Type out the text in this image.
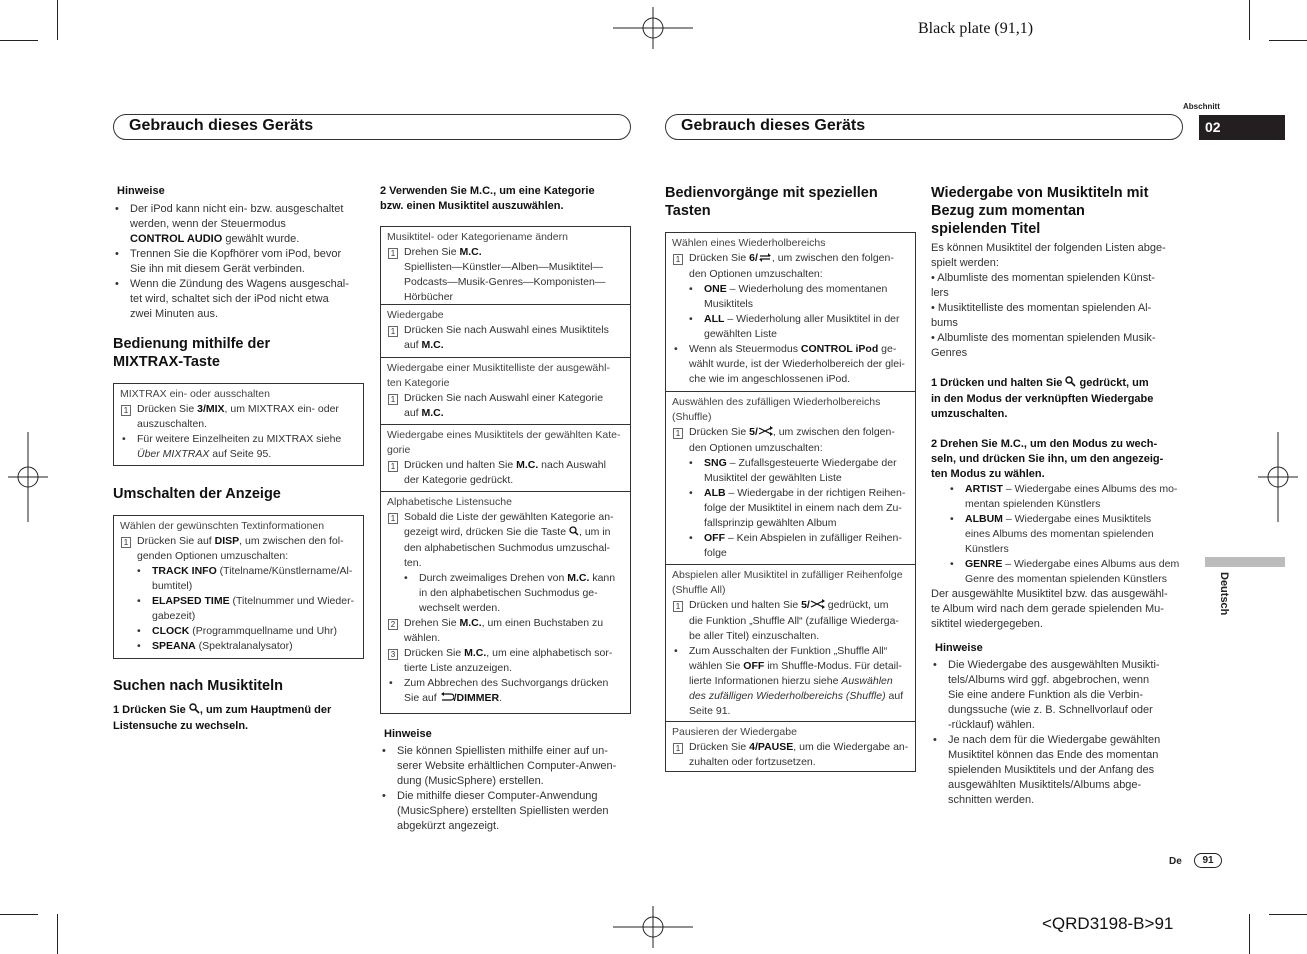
Black plate (91,1)
<QRD3198-B>91
Gebrauch dieses Geräts	Gebrauch dieses Geräts
Abschnitt
02
Deutsch
De	91
Hinweise

• Der iPod kann nicht ein- bzw. ausgeschaltet
werden, wenn der Steuermodus
CONTROL AUDIO gewählt wurde.

• Trennen Sie die Kopfhörer vom iPod, bevor
Sie ihn mit diesem Gerät verbinden.

• Wenn die Zündung des Wagens ausgeschal-
tet wird, schaltet sich der iPod nicht etwa
zwei Minuten aus.

Bedienung mithilfe der
MIXTRAX-Taste
MIXTRAX ein- oder ausschalten

1 Drücken Sie 3/MIX, um MIXTRAX ein- oder
auszuschalten.

• Für weitere Einzelheiten zu MIXTRAX siehe
Über MIXTRAX auf Seite 95.

Umschalten der Anzeige
Wählen der gewünschten Textinformationen

1 Drücken Sie auf DISP, um zwischen den fol-
genden Optionen umzuschalten:

• TRACK INFO (Titelname/Künstlername/Al-
bumtitel)

• ELAPSED TIME (Titelnummer und Wieder-
gabezeit)

• CLOCK (Programmquellname und Uhr)

• SPEANA (Spektralanalysator)

Suchen nach Musiktiteln
1 Drücken Sie , um zum Hauptmenü der
Listensuche zu wechseln.
2 Verwenden Sie M.C., um eine Kategorie
bzw. einen Musiktitel auszuwählen.
Musiktitel- oder Kategoriename ändern

1 Drehen Sie M.C.
Spiellisten—Künstler—Alben—Musiktitel—
Podcasts—Musik-Genres—Komponisten—
Hörbücher

Wiedergabe

1 Drücken Sie nach Auswahl eines Musiktitels
auf M.C.

Wiedergabe einer Musiktitelliste der ausgewähl-
ten Kategorie

1 Drücken Sie nach Auswahl einer Kategorie
auf M.C.

Wiedergabe eines Musiktitels der gewählten Kate-
gorie

1 Drücken und halten Sie M.C. nach Auswahl
der Kategorie gedrückt.

Alphabetische Listensuche

1 Sobald die Liste der gewählten Kategorie an-
gezeigt wird, drücken Sie die Taste , um in
den alphabetischen Suchmodus umzuschal-
ten.

• Durch zweimaliges Drehen von M.C. kann
in den alphabetischen Suchmodus ge-
wechselt werden.

2 Drehen Sie M.C., um einen Buchstaben zu
wählen.

3 Drücken Sie M.C., um eine alphabetisch sor-
tierte Liste anzuzeigen.

• Zum Abbrechen des Suchvorgangs drücken
Sie auf /DIMMER.

Hinweise

• Sie können Spiellisten mithilfe einer auf un-
serer Website erhältlichen Computer-Anwen-
dung (MusicSphere) erstellen.

• Die mithilfe dieser Computer-Anwendung
(MusicSphere) erstellten Spiellisten werden
abgekürzt angezeigt.

Bedienvorgänge mit speziellen
Tasten
Wählen eines Wiederholbereichs

1 Drücken Sie 6/ , um zwischen den folgen-
den Optionen umzuschalten:

• ONE – Wiederholung des momentanen
Musiktitels

• ALL – Wiederholung aller Musiktitel in der
gewählten Liste

• Wenn als Steuermodus CONTROL iPod ge-
wählt wurde, ist der Wiederholbereich der glei-
che wie im angeschlossenen iPod.

Auswählen des zufälligen Wiederholbereichs
(Shuffle)

1 Drücken Sie 5/ , um zwischen den folgen-
den Optionen umzuschalten:

• SNG – Zufallsgesteuerte Wiedergabe der
Musiktitel der gewählten Liste

• ALB – Wiedergabe in der richtigen Reihen-
folge der Musiktitel in einem nach dem Zu-
fallsprinzip gewählten Album

• OFF – Kein Abspielen in zufälliger Reihen-
folge

Abspielen aller Musiktitel in zufälliger Reihenfolge
(Shuffle All)

1 Drücken und halten Sie 5/ gedrückt, um
die Funktion „Shuffle All“ (zufällige Wiederga-
be aller Titel) einzuschalten.

• Zum Ausschalten der Funktion „Shuffle All“
wählen Sie OFF im Shuffle-Modus. Für detail-
lierte Informationen hierzu siehe Auswählen
des zufälligen Wiederholbereichs (Shuffle) auf
Seite 91.

Pausieren der Wiedergabe

1 Drücken Sie 4/PAUSE, um die Wiedergabe an-
zuhalten oder fortzusetzen.

Wiedergabe von Musiktiteln mit
Bezug zum momentan
spielenden Titel
Es können Musiktitel der folgenden Listen abge-
spielt werden:
• Albumliste des momentan spielenden Künst-
lers
• Musiktitelliste des momentan spielenden Al-
bums
• Albumliste des momentan spielenden Musik-
Genres
1 Drücken und halten Sie  gedrückt, um
in den Modus der verknüpften Wiedergabe
umzuschalten.
2 Drehen Sie M.C., um den Modus zu wech-
seln, und drücken Sie ihn, um den angezeig-
ten Modus zu wählen.

• ARTIST – Wiedergabe eines Albums des mo-
mentan spielenden Künstlers

• ALBUM – Wiedergabe eines Musiktitels
eines Albums des momentan spielenden
Künstlers

• GENRE – Wiedergabe eines Albums aus dem
Genre des momentan spielenden Künstlers

Der ausgewählte Musiktitel bzw. das ausgewähl-
te Album wird nach dem gerade spielenden Mu-
siktitel wiedergegeben.
Hinweise

• Die Wiedergabe des ausgewählten Musikti-
tels/Albums wird ggf. abgebrochen, wenn
Sie eine andere Funktion als die Verbin-
dungssuche (wie z. B. Schnellvorlauf oder
-rücklauf) wählen.

• Je nach dem für die Wiedergabe gewählten
Musiktitel können das Ende des momentan
spielenden Musiktitels und der Anfang des
ausgewählten Musiktitels/Albums abge-
schnitten werden.
